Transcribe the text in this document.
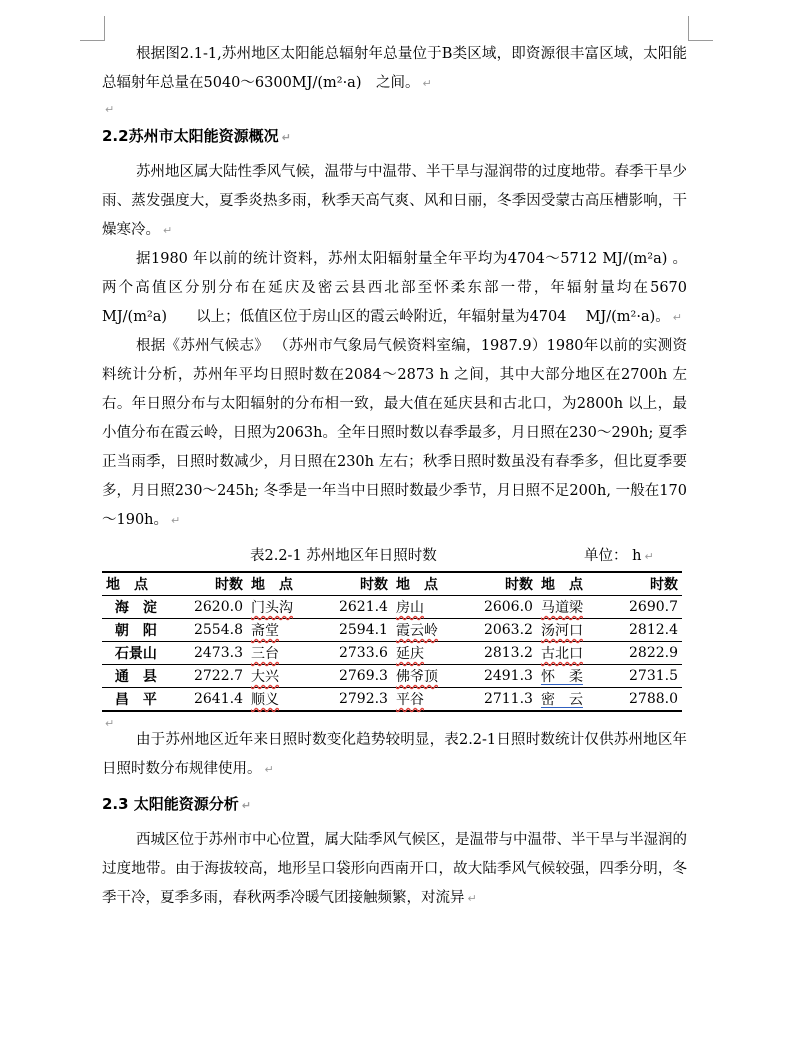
根据图2.1-1,苏州地区太阳能总辐射年总量位于B类区域，即资源很丰富区域，太阳能总辐射年总量在5040～6300MJ/(m²·a)　之间。 ↵

↵
2.2苏州市太阳能资源概况 ↵

苏州地区属大陆性季风气候，温带与中温带、半干旱与湿润带的过度地带。春季干旱少雨、蒸发强度大，夏季炎热多雨，秋季天高气爽、风和日丽，冬季因受蒙古高压槽影响，干燥寒冷。 ↵

据1980 年以前的统计资料，苏州太阳辐射量全年平均为4704～5712 MJ/(m²a) 。 两个高值区分别分布在延庆及密云县西北部至怀柔东部一带，年辐射量均在5670 MJ/(m²a)　　以上；低值区位于房山区的霞云岭附近，年辐射量为4704　 MJ/(m²·a)。 ↵

根据《苏州气候志》 （苏州市气象局气候资料室编，1987.9）1980年以前的实测资料统计分析，苏州年平均日照时数在2084～2873 h 之间，其中大部分地区在2700h 左右。年日照分布与太阳辐射的分布相一致，最大值在延庆县和古北口，为2800h 以上，最小值分布在霞云岭，日照为2063h。全年日照时数以春季最多，月日照在230～290h; 夏季正当雨季，日照时数减少，月日照在230h 左右；秋季日照时数虽没有春季多，但比夏季要多，月日照230～245h; 冬季是一年当中日照时数最少季节，月日照不足200h, 一般在170～190h。 ↵

表2.2-1 苏州地区年日照时数	单位： h ↵
地　点	时数	地　点	时数	地　点	时数	地　点	时数
海　淀	2620.0	门头沟	2621.4	房山	2606.0	马道梁	2690.7
朝　阳	2554.8	斋堂	2594.1	霞云岭	2063.2	汤河口	2812.4
石景山	2473.3	三台	2733.6	延庆	2813.2	古北口	2822.9
通　县	2722.7	大兴	2769.3	佛爷顶	2491.3	怀　柔	2731.5
昌　平	2641.4	顺义	2792.3	平谷	2711.3	密　云	2788.0
↵

由于苏州地区近年来日照时数变化趋势较明显，表2.2-1日照时数统计仅供苏州地区年日照时数分布规律使用。 ↵

2.3 太阳能资源分析 ↵

西城区位于苏州市中心位置，属大陆季风气候区，是温带与中温带、半干旱与半湿润的过度地带。由于海拔较高，地形呈口袋形向西南开口，故大陆季风气候较强，四季分明，冬季干冷，夏季多雨，春秋两季冷暖气团接触频繁，对流异 ↵
